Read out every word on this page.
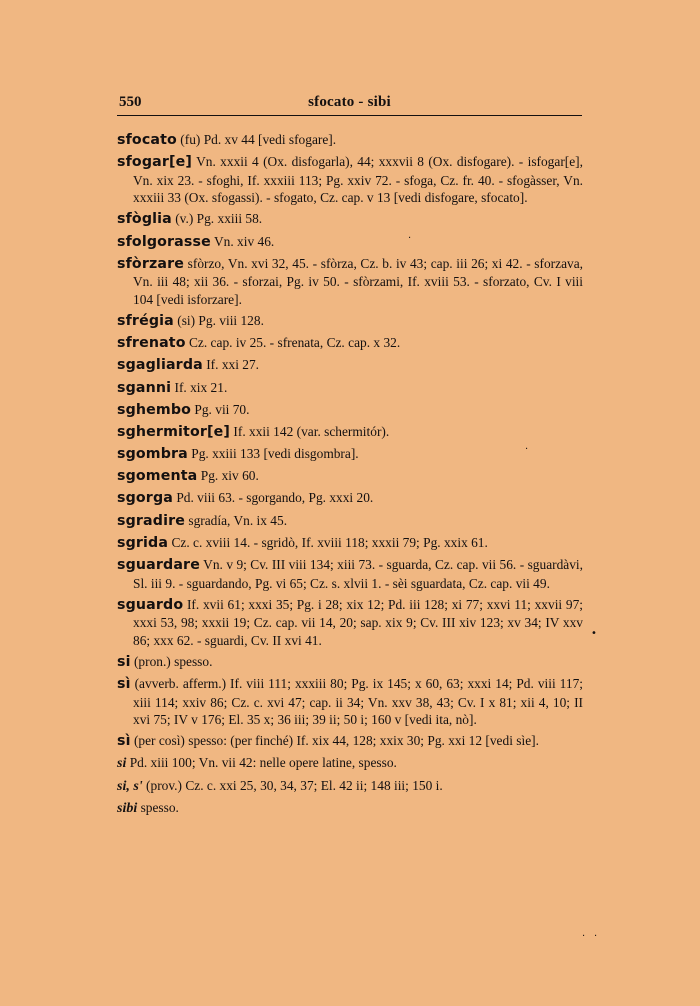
550	sfocato - sibi
sfocato (fu) Pd. xv 44 [vedi sfogare].
sfogar[e] Vn. xxxii 4 (Ox. disfogarla), 44; xxxvii 8 (Ox. disfogare). - isfogar[e], Vn. xix 23. - sfoghi, If. xxxiii 113; Pg. xxiv 72. - sfoga, Cz. fr. 40. - sfogàsser, Vn. xxxiii 33 (Ox. sfogassi). - sfogato, Cz. cap. v 13 [vedi disfogare, sfocato].
sfòglia (v.) Pg. xxiii 58.
sfolgorasse Vn. xiv 46.
sfòrzare sfòrzo, Vn. xvi 32, 45. - sfòrza, Cz. b. iv 43; cap. iii 26; xi 42. - sforzava, Vn. iii 48; xii 36. - sforzai, Pg. iv 50. - sfòrzami, If. xviii 53. - sforzato, Cv. I viii 104 [vedi isforzare].
sfrégia (si) Pg. viii 128.
sfrenato Cz. cap. iv 25. - sfrenata, Cz. cap. x 32.
sgagliarda If. xxi 27.
sganni If. xix 21.
sghembo Pg. vii 70.
sghermitor[e] If. xxii 142 (var. schermitór).
sgombra Pg. xxiii 133 [vedi disgombra].
sgomenta Pg. xiv 60.
sgorga Pd. viii 63. - sgorgando, Pg. xxxi 20.
sgradire sgradía, Vn. ix 45.
sgrida Cz. c. xviii 14. - sgridò, If. xviii 118; xxxii 79; Pg. xxix 61.
sguardare Vn. v 9; Cv. III viii 134; xiii 73. - sguarda, Cz. cap. vii 56. - sguardàvi, Sl. iii 9. - sguardando, Pg. vi 65; Cz. s. xlvii 1. - sèi sguardata, Cz. cap. vii 49.
sguardo If. xvii 61; xxxi 35; Pg. i 28; xix 12; Pd. iii 128; xi 77; xxvi 11; xxvii 97; xxxi 53, 98; xxxii 19; Cz. cap. vii 14, 20; sap. xix 9; Cv. III xiv 123; xv 34; IV xxv 86; xxx 62. - sguardi, Cv. II xvi 41.
si (pron.) spesso.
sì (avverb. afferm.) If. viii 111; xxxiii 80; Pg. ix 145; x 60, 63; xxxi 14; Pd. viii 117; xiii 114; xxiv 86; Cz. c. xvi 47; cap. ii 34; Vn. xxv 38, 43; Cv. I x 81; xii 4, 10; II xvi 75; IV v 176; El. 35 x; 36 iii; 39 ii; 50 i; 160 v [vedi ita, nò].
sì (per così) spesso: (per finché) If. xix 44, 128; xxix 30; Pg. xxi 12 [vedi sìe].
si Pd. xiii 100; Vn. vii 42: nelle opere latine, spesso.
si, s' (prov.) Cz. c. xxi 25, 30, 34, 37; El. 42 ii; 148 iii; 150 i.
sibi spesso.
.
.
•
. .
